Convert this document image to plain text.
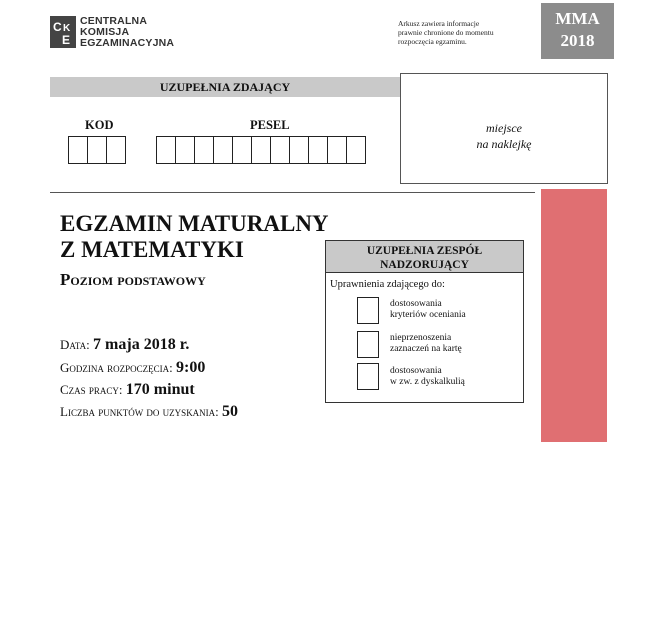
C
E
K
CENTRALNA
KOMISJA
EGZAMINACYJNA
Arkusz zawiera informacje
prawnie chronione do momentu
rozpoczęcia egzaminu.
MMA
2018
UZUPEŁNIA ZDAJĄCY
KOD	PESEL	miejsce
na naklejkę
NOW
EGZAMIN MATURALNY
Z MATEMATYKI
Poziom podstawowy
UZUPEŁNIA ZESPÓŁ
NADZORUJĄCY
Uprawnienia zdającego do:
dostosowania
kryteriów oceniania
nieprzenoszenia
zaznaczeń na kartę
dostosowania
w zw. z dyskalkulią
Data: 7 maja 2018 r.
Godzina rozpoczęcia: 9:00
Czas pracy: 170 minut
Liczba punktów do uzyskania: 50
